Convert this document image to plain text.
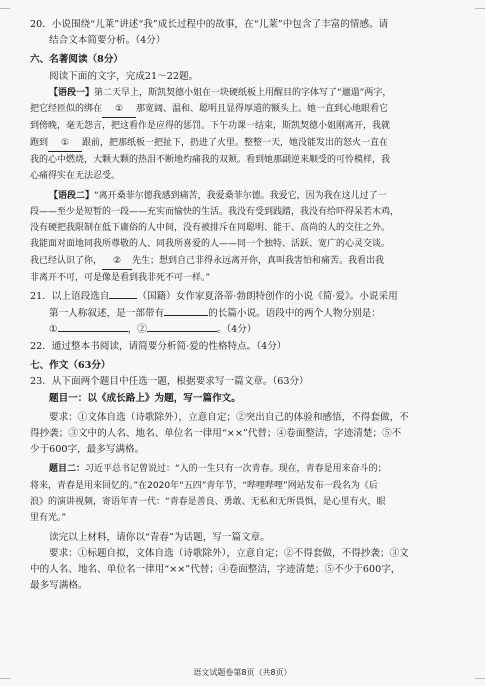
20．小说围绕“儿莱”讲述“我”成长过程中的故事，在“儿莱”中包含了丰富的情感。请
结合文本简要分析。（4分）

六、名著阅读（8分）

阅读下面的文字，完成21～22题。

【语段一】第二天早上，斯凯契德小姐在一块硬纸板上用醒目的字体写了“邋遢”两字，

把它经匝似的绑在 ① 那宽阔、温和、聪明且显得厚道的额头上。她一直到心地眼看它

到傍晚，毫无怨言，把这看作是应得的惩罚。下午功课一结束，斯凯契德小姐刚离开，我就

跑到 ① 跟前，把那纸板一把扯下，扔进了火里。整整一天，她没能发出的怒火一直在

我的心中燃烧，大颗大颗的热泪不断地灼痛我的双颊。看到她那副逆来顺受的可怜模样，我

心痛得实在无法忍受。

【语段二】“离开桑菲尔德我感到痛苦，我爱桑菲尔德。我爱它，因为我在这儿过了一

段——至少是短暂的一段——充实而愉快的生活。我没有受到践踏，我没有给吓得呆若木鸡，

没有硬把我限制在低下庸俗的人中间，没有被排斥在同聪明、能干、高尚的人的交往之外。

我能面对面地同我所尊敬的人、同我所喜爱的人——同一个独特、活跃、宽广的心灵交谈。

我已经认识了你， ② 先生；想到自己非得永远离开你，真叫我害怕和痛苦。我看出我

非离开不可，可是像是看到我非死不可一样。”

21．以上语段选自	（国籍）女作家夏洛蒂·勃朗特创作的小说《简·爱》。小说采用

第一人称叙述，是一部带有	的长篇小说。语段中的两个人物分别是：

①	，②	。（4分）

22．通过整本书阅读，请简要分析简·爱的性格特点。（4分）

七、作文（63分）

23．从下面两个题目中任选一题，根据要求写一篇文章。（63分）

题目一：以《成长路上》为题，写一篇作文。

要求：①文体自选（诗歌除外），立意自定；②突出自己的体验和感悟，不得套做，不

得抄袭；③文中的人名、地名、单位名一律用“××”代替；④卷面整洁，字迹清楚；⑤不

少于600字，最多写满格。

题目二：习近平总书记曾说过：“人的一生只有一次青春。现在，青春是用来奋斗的；

将来，青春是用来回忆的。”在2020年“五四”青年节，“哔哩哔哩”网站发布一段名为《后

浪》的演讲视频，寄语年青一代：“青春是善良、勇敢、无私和无所畏惧，是心里有火，眼

里有光。”

读完以上材料，请你以“青春”为话题，写一篇文章。

要求：①标题自拟，文体自选（诗歌除外），立意自定；②不得套做，不得抄袭；③文

中的人名、地名、单位名一律用“××”代替；④卷面整洁，字迹清楚；⑤不少于600字，

最多写满格。

语文试题卷第8页（共8页）
